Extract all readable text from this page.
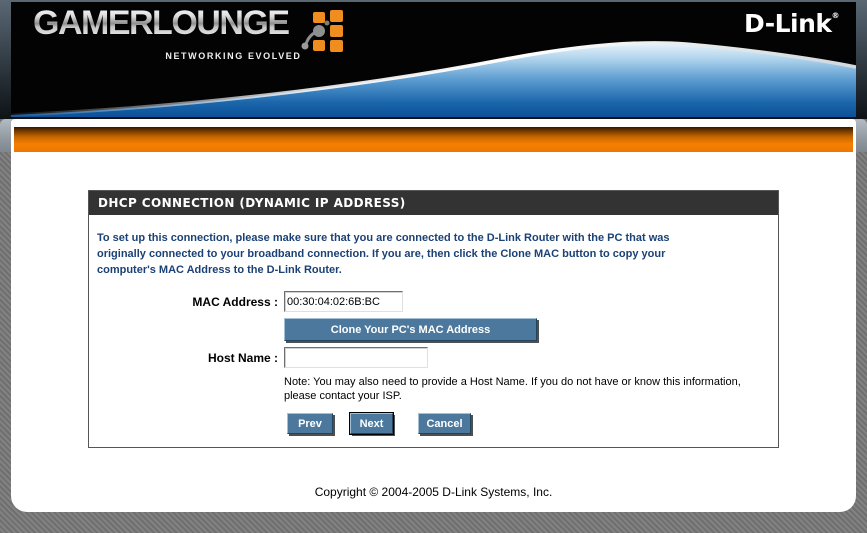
GAMERLOUNGE
NETWORKING EVOLVED
D-Link®
DHCP CONNECTION (DYNAMIC IP ADDRESS)
To set up this connection, please make sure that you are connected to the D-Link Router with the PC that was
originally connected to your broadband connection. If you are, then click the Clone MAC button to copy your
computer's MAC Address to the D-Link Router.
MAC Address :
00:30:04:02:6B:BC
Clone Your PC's MAC Address
Host Name :
Note: You may also need to provide a Host Name. If you do not have or know this information,
please contact your ISP.
Prev	Next	Cancel
Copyright © 2004-2005 D-Link Systems, Inc.
